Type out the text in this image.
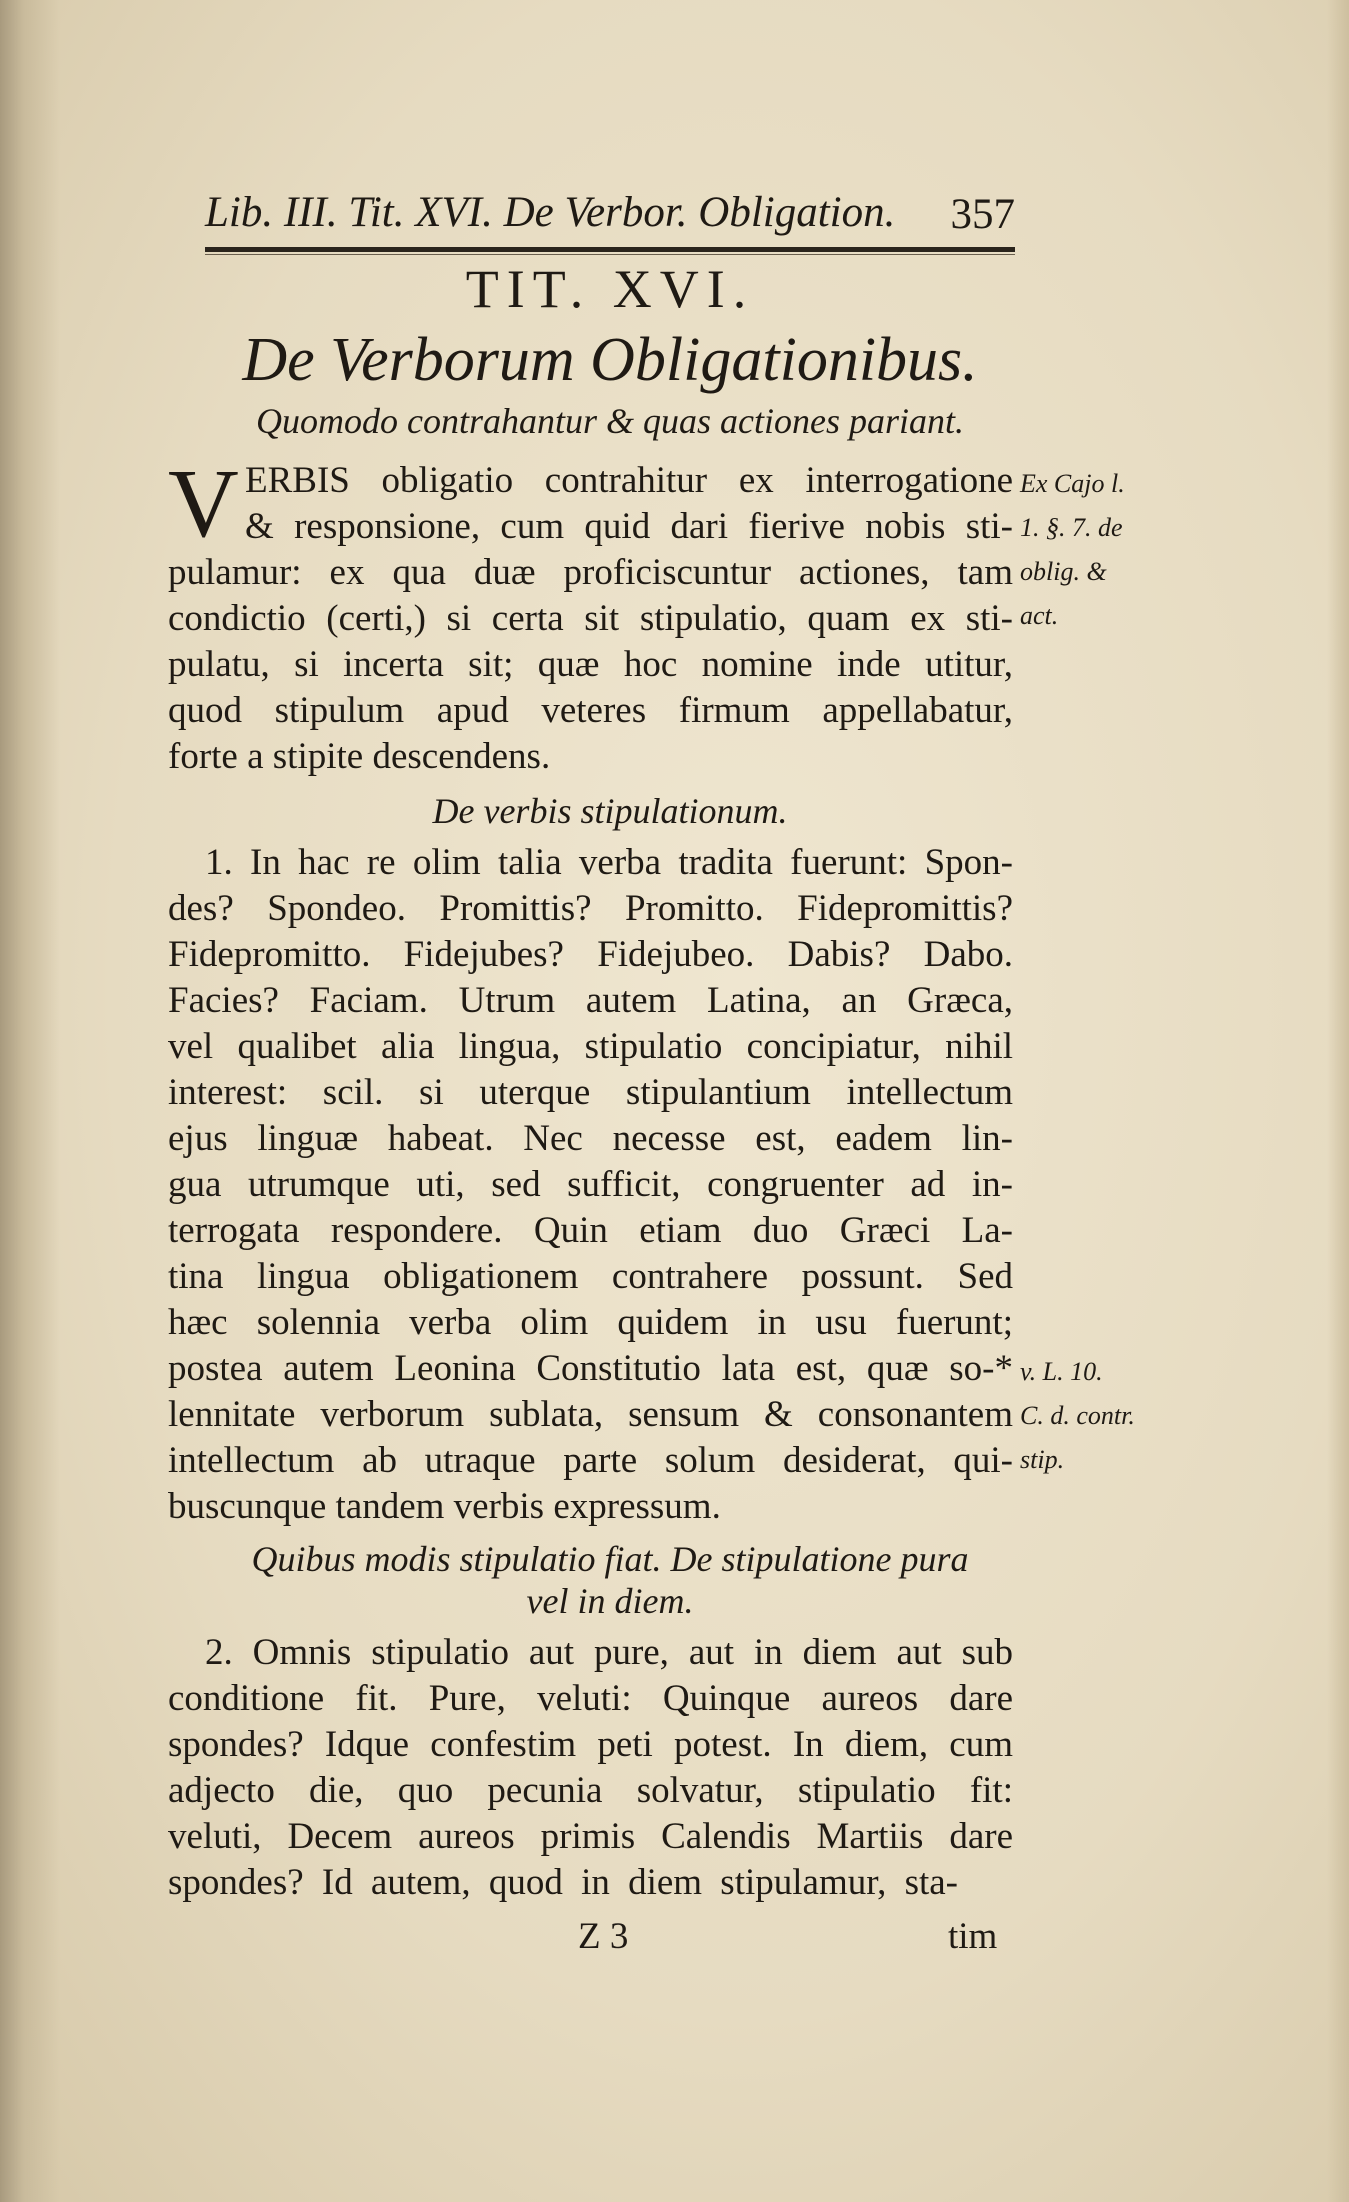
Lib. III. Tit. XVI. De Verbor. Obligation. 357
TIT. XVI.
De Verborum Obligationibus.
Quomodo contrahantur & quas actiones pariant.
V ERBIS obligatio contrahitur ex interrogatione
& responsione, cum quid dari fierive nobis sti-
pulamur: ex qua duæ proficiscuntur actiones, tam
condictio (certi,) si certa sit stipulatio, quam ex sti-
pulatu, si incerta sit; quæ hoc nomine inde utitur,
quod stipulum apud veteres firmum appellabatur,
forte a stipite descendens.
Ex Cajo l.
1. §. 7. de
oblig. &
act.
De verbis stipulationum.
1. In hac re olim talia verba tradita fuerunt: Spon-
des? Spondeo. Promittis? Promitto. Fidepromittis?
Fidepromitto. Fidejubes? Fidejubeo. Dabis? Dabo.
Facies? Faciam. Utrum autem Latina, an Græca,
vel qualibet alia lingua, stipulatio concipiatur, nihil
interest: scil. si uterque stipulantium intellectum
ejus linguæ habeat. Nec necesse est, eadem lin-
gua utrumque uti, sed sufficit, congruenter ad in-
terrogata respondere. Quin etiam duo Græci La-
tina lingua obligationem contrahere possunt. Sed
hæc solennia verba olim quidem in usu fuerunt;
postea autem Leonina Constitutio lata est, quæ so-*
lennitate verborum sublata, sensum & consonantem
intellectum ab utraque parte solum desiderat, qui-
buscunque tandem verbis expressum.
v. L. 10.
C. d. contr.
stip.
Quibus modis stipulatio fiat. De stipulatione pura
vel in diem.
2. Omnis stipulatio aut pure, aut in diem aut sub
conditione fit. Pure, veluti: Quinque aureos dare
spondes? Idque confestim peti potest. In diem, cum
adjecto die, quo pecunia solvatur, stipulatio fit:
veluti, Decem aureos primis Calendis Martiis dare
spondes? Id autem, quod in diem stipulamur, sta-
Z 3	tim
